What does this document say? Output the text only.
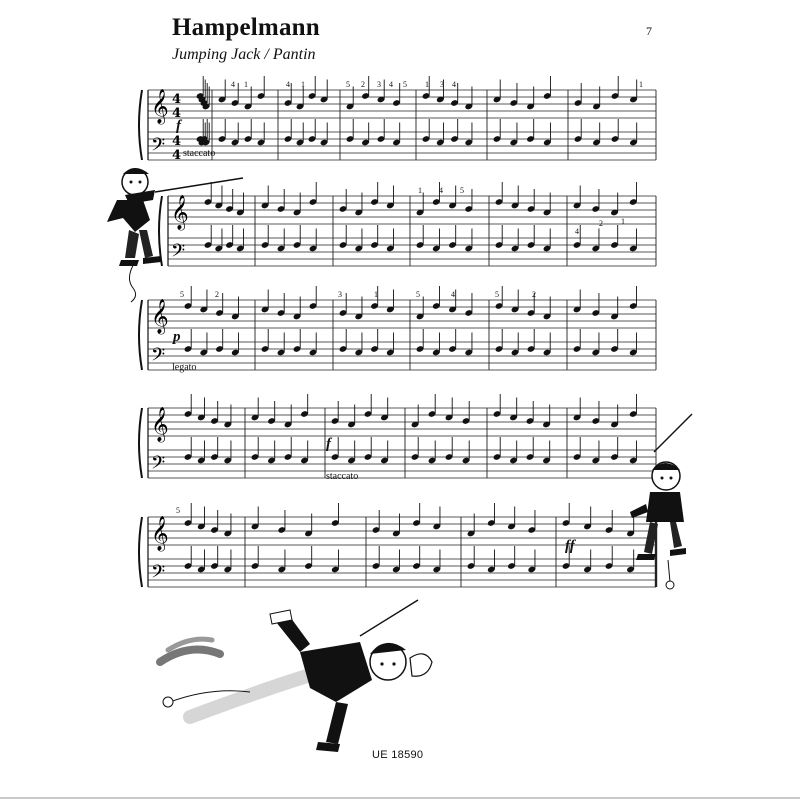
Hampelmann
Jumping Jack / Pantin
7
𝄞
𝄢
𝄞
𝄢
𝄞
𝄢
𝄞
𝄢
𝄞
𝄢
4
4
4
4 staccato
legato
staccato
f
p
f
ff
4 1	4 1	5 2 3 4 5 1 3 4	1
1 4 5
4
2 1
5	2	3	1	5	4	5	2
5
UE 18590
